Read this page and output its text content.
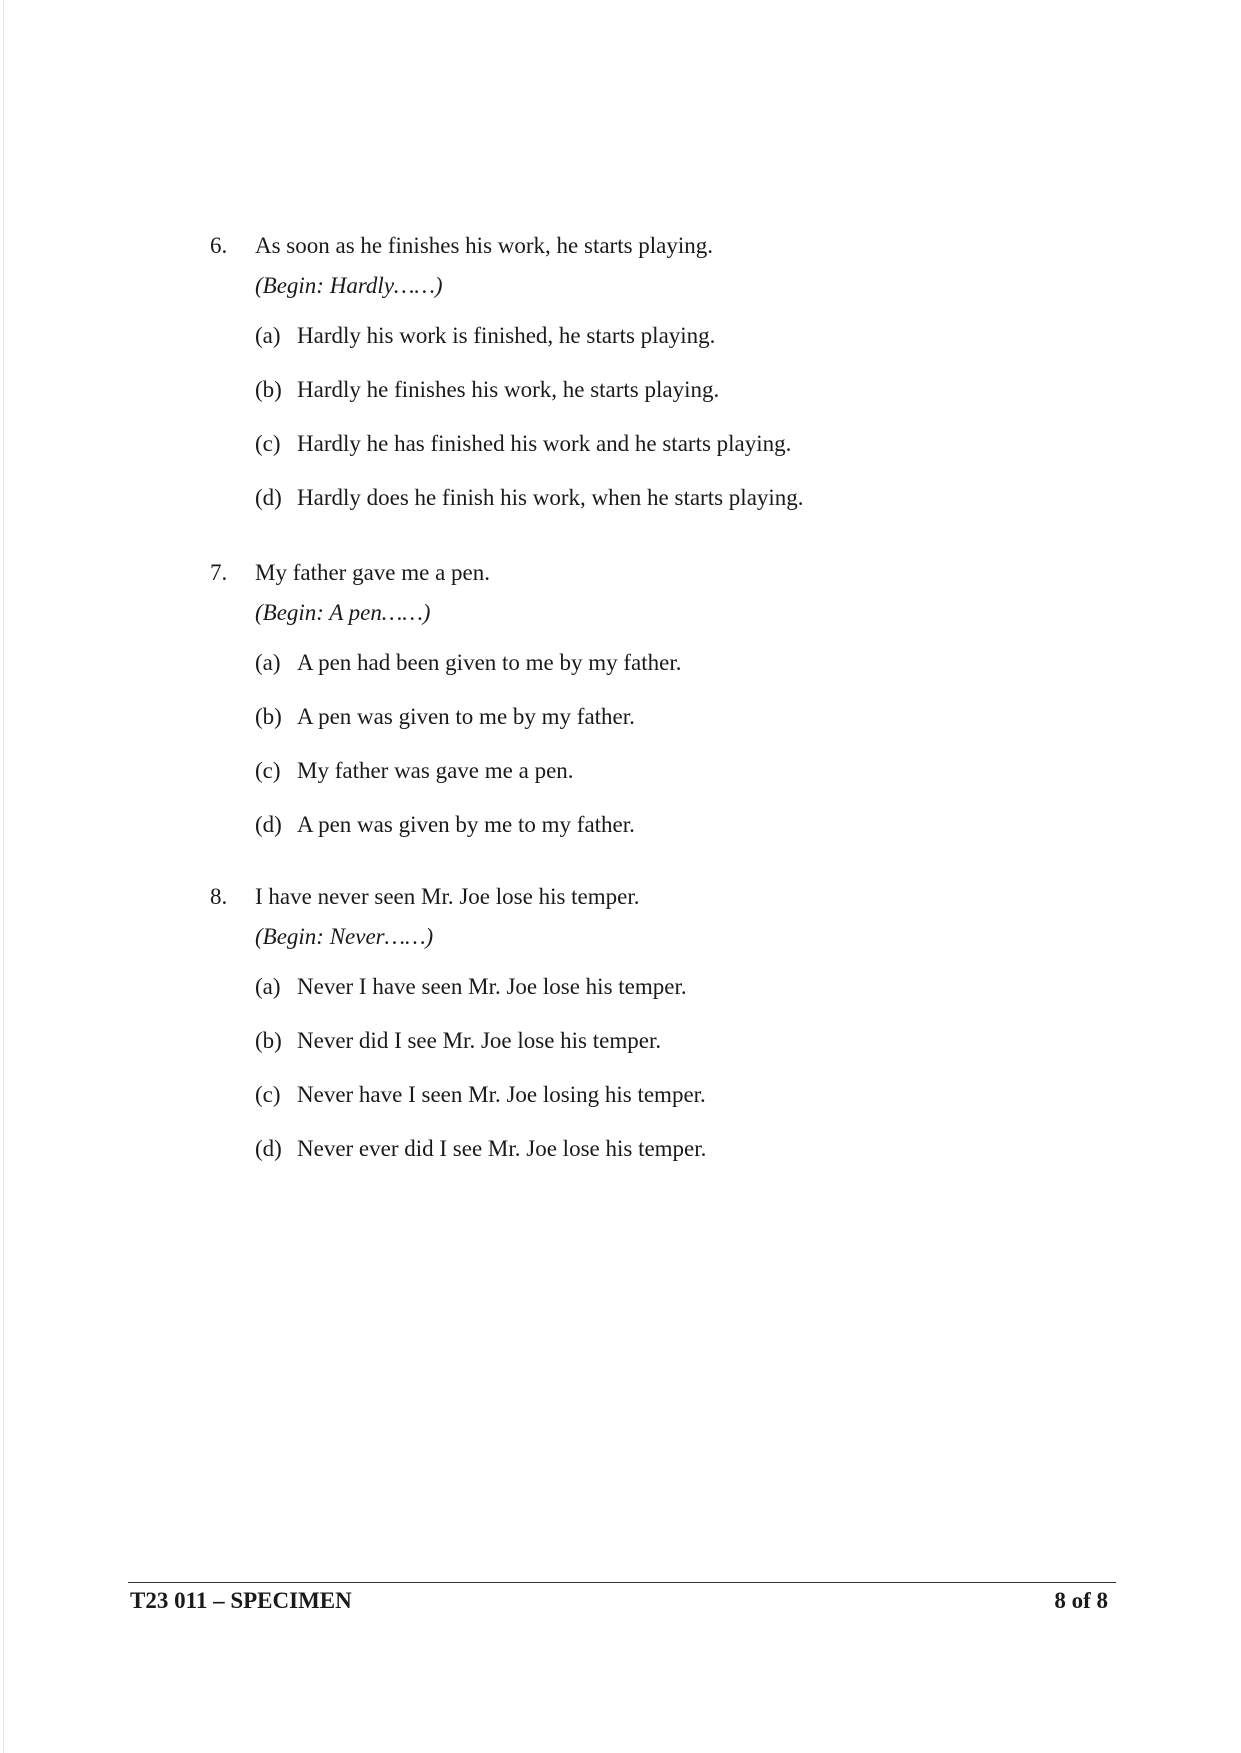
6.	As soon as he finishes his work, he starts playing.
(Begin: Hardly……)
(a) Hardly his work is finished, he starts playing.
(b) Hardly he finishes his work, he starts playing.
(c) Hardly he has finished his work and he starts playing.
(d) Hardly does he finish his work, when he starts playing.
7.	My father gave me a pen.
(Begin: A pen……)
(a) A pen had been given to me by my father.
(b) A pen was given to me by my father.
(c) My father was gave me a pen.
(d) A pen was given by me to my father.
8.	I have never seen Mr. Joe lose his temper.
(Begin: Never……)
(a) Never I have seen Mr. Joe lose his temper.
(b) Never did I see Mr. Joe lose his temper.
(c) Never have I seen Mr. Joe losing his temper.
(d) Never ever did I see Mr. Joe lose his temper.
T23 011 – SPECIMEN	8 of 8
